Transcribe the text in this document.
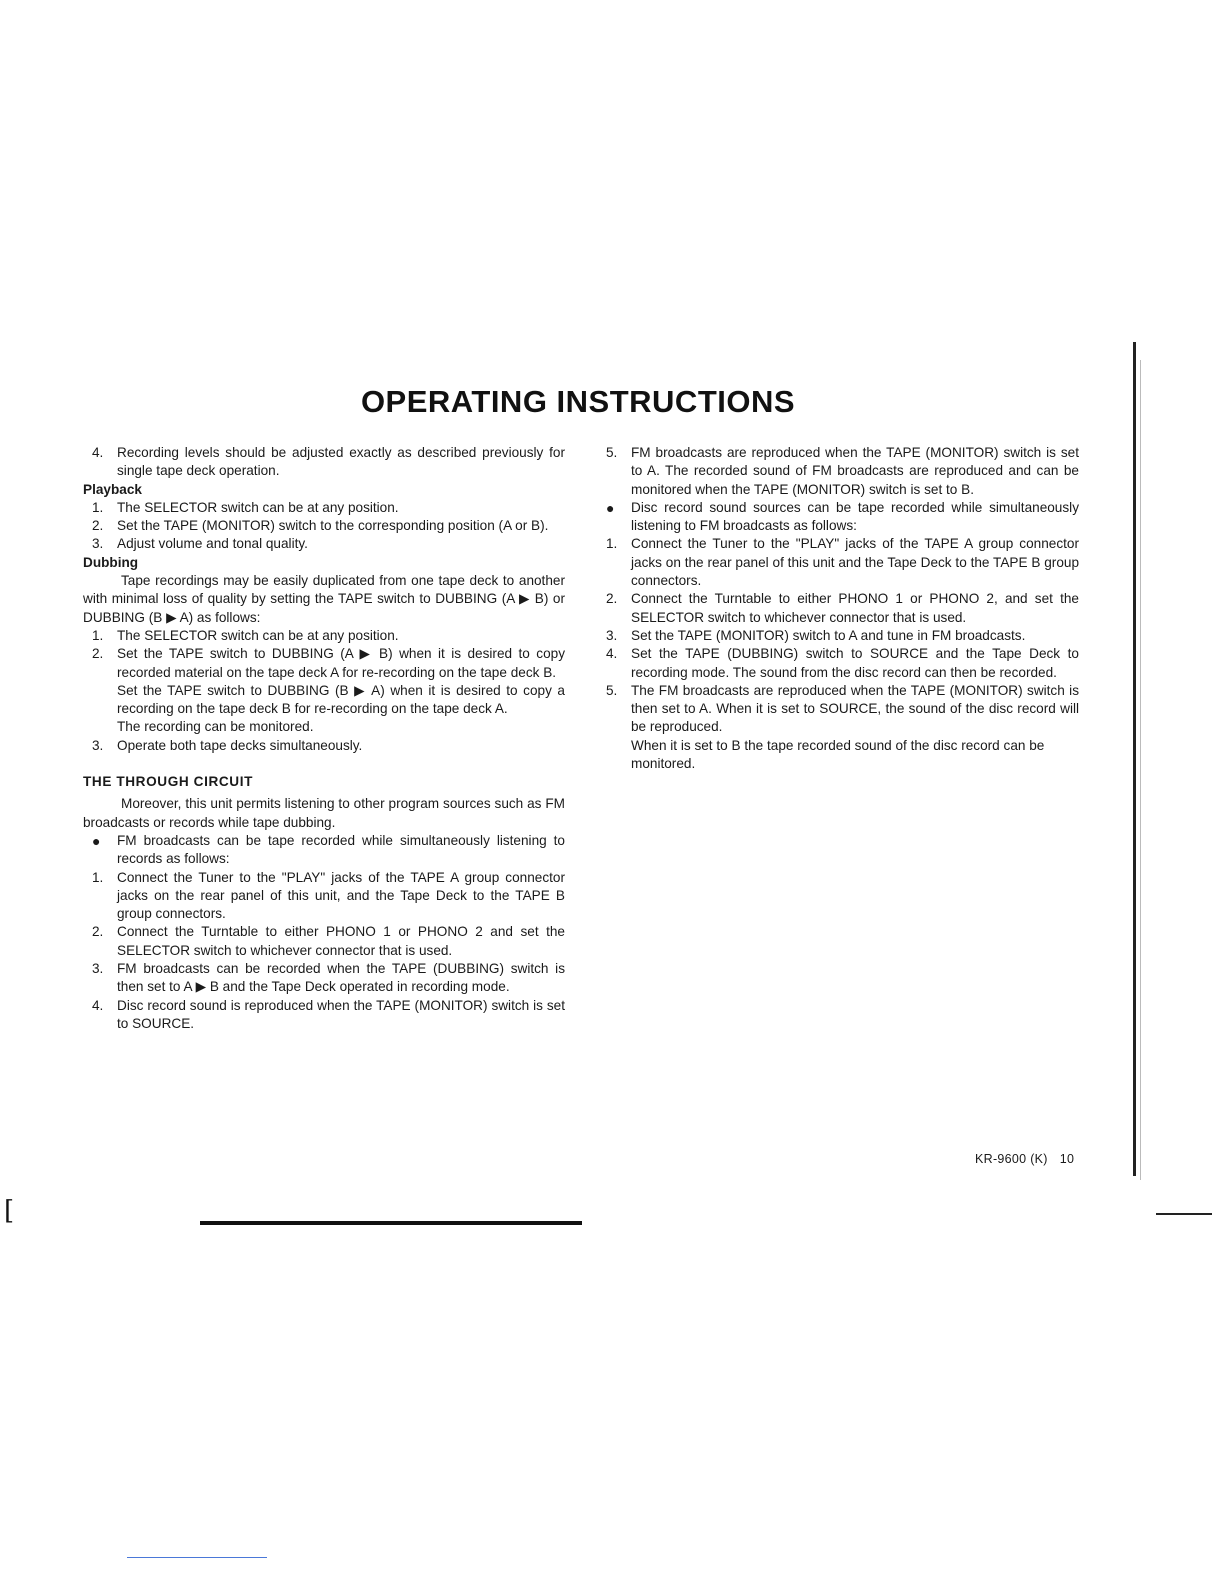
OPERATING INSTRUCTIONS
4. Recording levels should be adjusted exactly as described previously for single tape deck operation.
Playback
1. The SELECTOR switch can be at any position.
2. Set the TAPE (MONITOR) switch to the corresponding position (A or B).
3. Adjust volume and tonal quality.
Dubbing
Tape recordings may be easily duplicated from one tape deck to another with minimal loss of quality by setting the TAPE switch to DUBBING (A ▶ B) or DUBBING (B ▶ A) as follows:
1. The SELECTOR switch can be at any position.
2. Set the TAPE switch to DUBBING (A ▶ B) when it is desired to copy recorded material on the tape deck A for re-recording on the tape deck B.
Set the TAPE switch to DUBBING (B ▶ A) when it is desired to copy a recording on the tape deck B for re-recording on the tape deck A.
The recording can be monitored.
3. Operate both tape decks simultaneously.
THE THROUGH CIRCUIT
Moreover, this unit permits listening to other program sources such as FM broadcasts or records while tape dubbing.
● FM broadcasts can be tape recorded while simultaneously listening to records as follows:
1. Connect the Tuner to the "PLAY" jacks of the TAPE A group connector jacks on the rear panel of this unit, and the Tape Deck to the TAPE B group connectors.
2. Connect the Turntable to either PHONO 1 or PHONO 2 and set the SELECTOR switch to whichever connector that is used.
3. FM broadcasts can be recorded when the TAPE (DUBBING) switch is then set to A ▶ B and the Tape Deck operated in recording mode.
4. Disc record sound is reproduced when the TAPE (MONITOR) switch is set to SOURCE.
5. FM broadcasts are reproduced when the TAPE (MONITOR) switch is set to A. The recorded sound of FM broadcasts are reproduced and can be monitored when the TAPE (MONITOR) switch is set to B.
● Disc record sound sources can be tape recorded while simultaneously listening to FM broadcasts as follows:
1. Connect the Tuner to the "PLAY" jacks of the TAPE A group connector jacks on the rear panel of this unit and the Tape Deck to the TAPE B group connectors.
2. Connect the Turntable to either PHONO 1 or PHONO 2, and set the SELECTOR switch to whichever connector that is used.
3. Set the TAPE (MONITOR) switch to A and tune in FM broadcasts.
4. Set the TAPE (DUBBING) switch to SOURCE and the Tape Deck to recording mode. The sound from the disc record can then be recorded.
5. The FM broadcasts are reproduced when the TAPE (MONITOR) switch is then set to A. When it is set to SOURCE, the sound of the disc record will be reproduced.
When it is set to B the tape recorded sound of the disc record can be monitored.
KR-9600 (K) 10
[
